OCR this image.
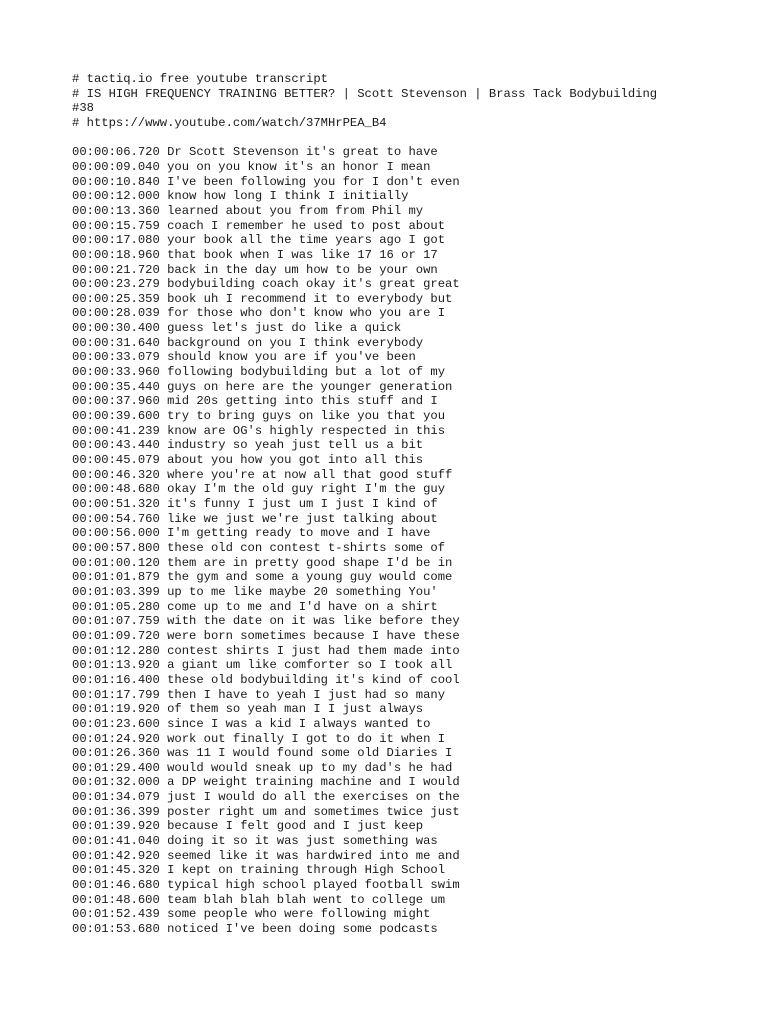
# tactiq.io free youtube transcript
# IS HIGH FREQUENCY TRAINING BETTER? | Scott Stevenson | Brass Tack Bodybuilding
#38
# https://www.youtube.com/watch/37MHrPEA_B4
00:00:06.720 Dr Scott Stevenson it's great to have
00:00:09.040 you on you know it's an honor I mean
00:00:10.840 I've been following you for I don't even
00:00:12.000 know how long I think I initially
00:00:13.360 learned about you from from Phil my
00:00:15.759 coach I remember he used to post about
00:00:17.080 your book all the time years ago I got
00:00:18.960 that book when I was like 17 16 or 17
00:00:21.720 back in the day um how to be your own
00:00:23.279 bodybuilding coach okay it's great great
00:00:25.359 book uh I recommend it to everybody but
00:00:28.039 for those who don't know who you are I
00:00:30.400 guess let's just do like a quick
00:00:31.640 background on you I think everybody
00:00:33.079 should know you are if you've been
00:00:33.960 following bodybuilding but a lot of my
00:00:35.440 guys on here are the younger generation
00:00:37.960 mid 20s getting into this stuff and I
00:00:39.600 try to bring guys on like you that you
00:00:41.239 know are OG's highly respected in this
00:00:43.440 industry so yeah just tell us a bit
00:00:45.079 about you how you got into all this
00:00:46.320 where you're at now all that good stuff
00:00:48.680 okay I'm the old guy right I'm the guy
00:00:51.320 it's funny I just um I just I kind of
00:00:54.760 like we just we're just talking about
00:00:56.000 I'm getting ready to move and I have
00:00:57.800 these old con contest t-shirts some of
00:01:00.120 them are in pretty good shape I'd be in
00:01:01.879 the gym and some a young guy would come
00:01:03.399 up to me like maybe 20 something You'
00:01:05.280 come up to me and I'd have on a shirt
00:01:07.759 with the date on it was like before they
00:01:09.720 were born sometimes because I have these
00:01:12.280 contest shirts I just had them made into
00:01:13.920 a giant um like comforter so I took all
00:01:16.400 these old bodybuilding it's kind of cool
00:01:17.799 then I have to yeah I just had so many
00:01:19.920 of them so yeah man I I just always
00:01:23.600 since I was a kid I always wanted to
00:01:24.920 work out finally I got to do it when I
00:01:26.360 was 11 I would found some old Diaries I
00:01:29.400 would would sneak up to my dad's he had
00:01:32.000 a DP weight training machine and I would
00:01:34.079 just I would do all the exercises on the
00:01:36.399 poster right um and sometimes twice just
00:01:39.920 because I felt good and I just keep
00:01:41.040 doing it so it was just something was
00:01:42.920 seemed like it was hardwired into me and
00:01:45.320 I kept on training through High School
00:01:46.680 typical high school played football swim
00:01:48.600 team blah blah blah went to college um
00:01:52.439 some people who were following might
00:01:53.680 noticed I've been doing some podcasts
